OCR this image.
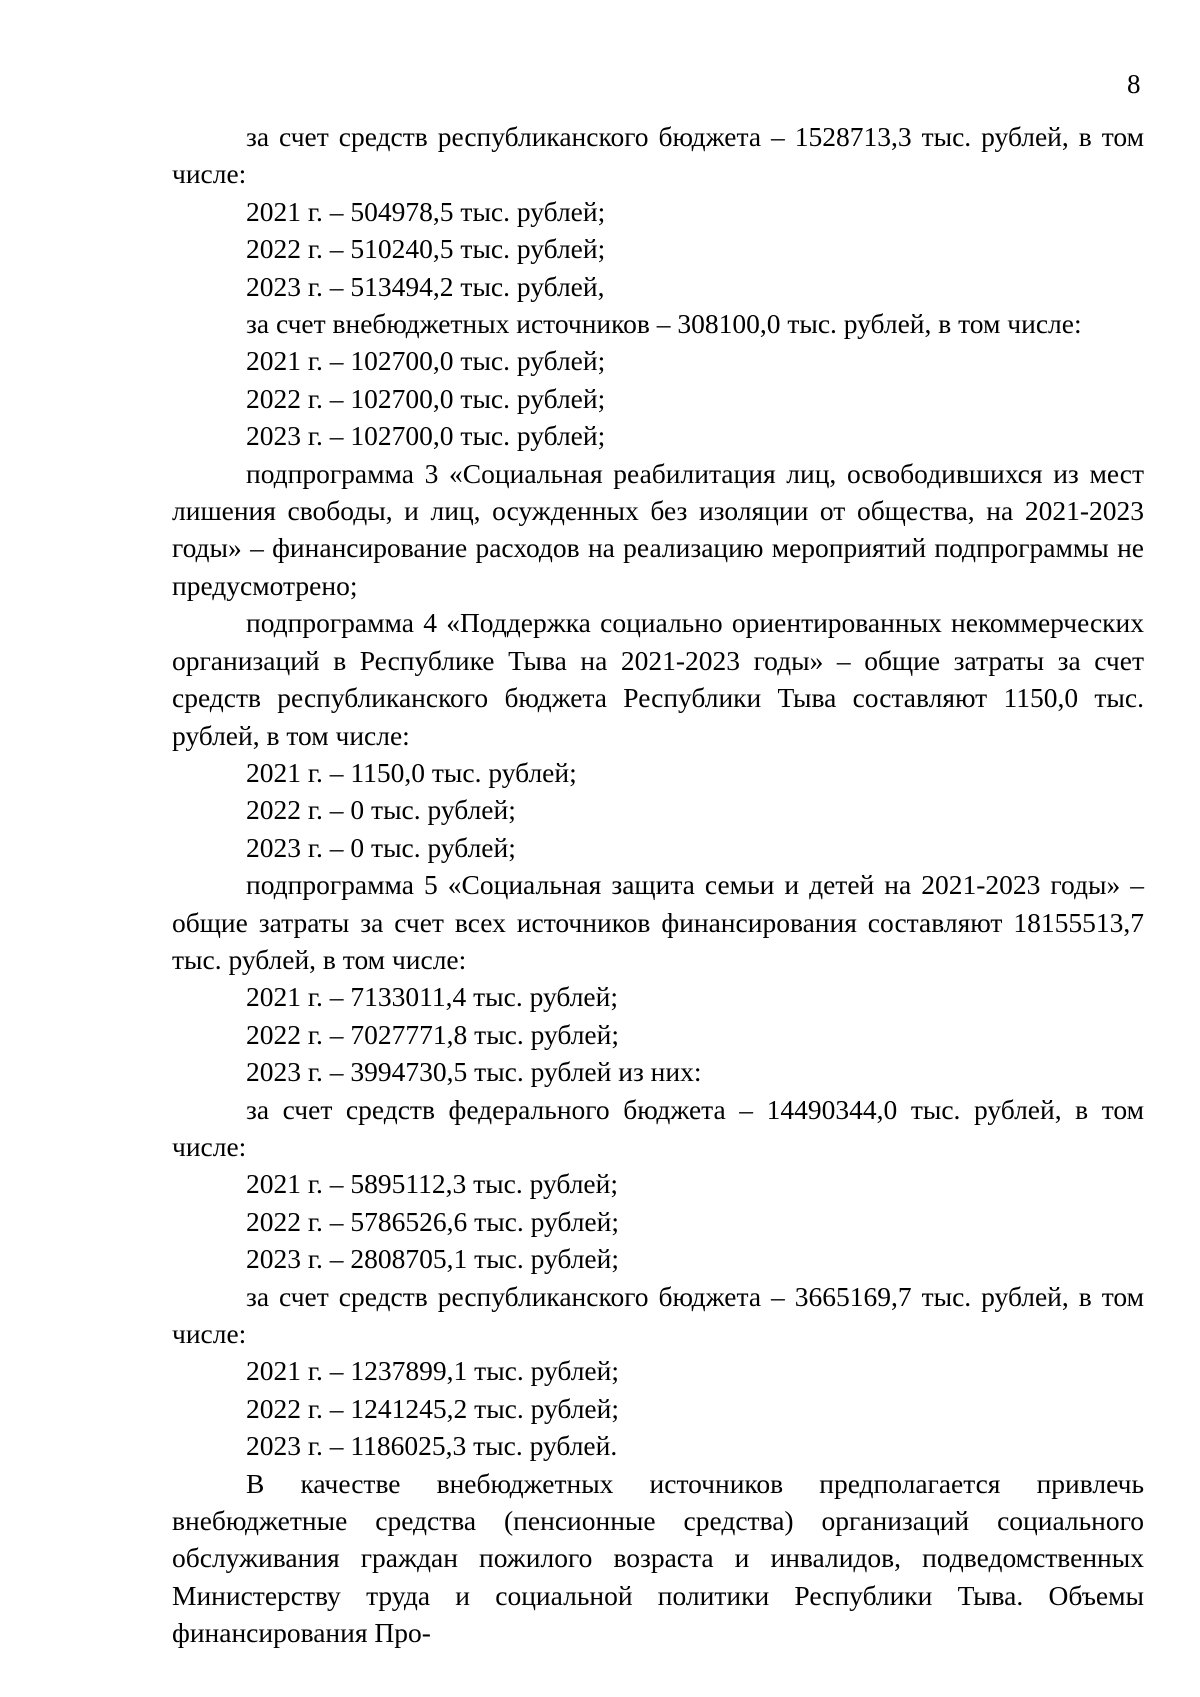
8

за счет средств республиканского бюджета – 1528713,3 тыс. рублей, в том числе:

2021 г. – 504978,5 тыс. рублей;

2022 г. – 510240,5 тыс. рублей;

2023 г. – 513494,2 тыс. рублей,

за счет внебюджетных источников – 308100,0 тыс. рублей, в том числе:

2021 г. – 102700,0 тыс. рублей;

2022 г. – 102700,0 тыс. рублей;

2023 г. – 102700,0 тыс. рублей;

подпрограмма 3 «Социальная реабилитация лиц, освободившихся из мест лишения свободы, и лиц, осужденных без изоляции от общества, на 2021-2023 годы» – финансирование расходов на реализацию мероприятий подпрограммы не предусмотрено;

подпрограмма 4 «Поддержка социально ориентированных некоммерческих организаций в Республике Тыва на 2021-2023 годы» – общие затраты за счет средств республиканского бюджета Республики Тыва составляют 1150,0 тыс. рублей, в том числе:

2021 г. – 1150,0 тыс. рублей;

2022 г. – 0 тыс. рублей;

2023 г. – 0 тыс. рублей;

подпрограмма 5 «Социальная защита семьи и детей на 2021-2023 годы» – общие затраты за счет всех источников финансирования составляют 18155513,7 тыс. рублей, в том числе:

2021 г. – 7133011,4 тыс. рублей;

2022 г. – 7027771,8 тыс. рублей;

2023 г. – 3994730,5 тыс. рублей из них:

за счет средств федерального бюджета – 14490344,0 тыс. рублей, в том числе:

2021 г. – 5895112,3 тыс. рублей;

2022 г. – 5786526,6 тыс. рублей;

2023 г. – 2808705,1 тыс. рублей;

за счет средств республиканского бюджета – 3665169,7 тыс. рублей, в том числе:

2021 г. – 1237899,1 тыс. рублей;

2022 г. – 1241245,2 тыс. рублей;

2023 г. – 1186025,3 тыс. рублей.

В качестве внебюджетных источников предполагается привлечь внебюджетные средства (пенсионные средства) организаций социального обслуживания граждан пожилого возраста и инвалидов, подведомственных Министерству труда и социальной политики Республики Тыва. Объемы финансирования Про-
